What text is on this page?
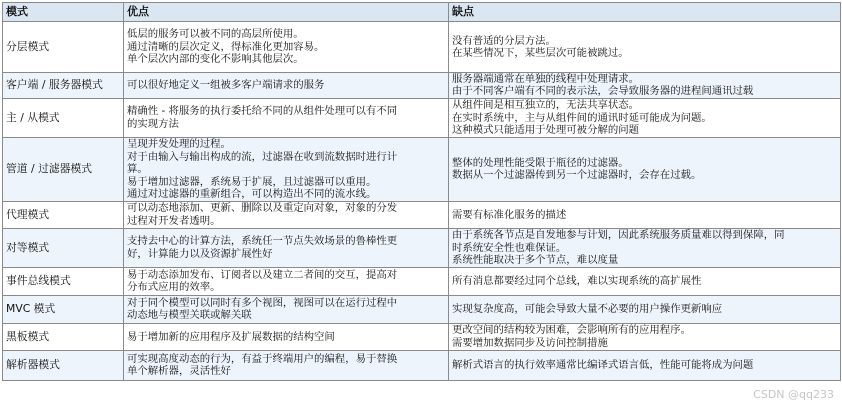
模式	优点	缺点
分层模式	低层的服务可以被不同的高层所使用。
通过清晰的层次定义，得标准化更加容易。
单个层次内部的变化不影响其他层次。	没有普适的分层方法。
在某些情况下，某些层次可能被跳过。

客户端 / 服务器模式	可以很好地定义一组被多客户端请求的服务	服务器端通常在单独的线程中处理请求。
由于不同客户端有不同的表示法，会导致服务器的进程间通讯过载

主 / 从模式	精确性 - 将服务的执行委托给不同的从组件处理可以有不同
的实现方法	从组件间是相互独立的，无法共享状态。
在实时系统中，主与从组件间的通讯时延可能成为问题。
这种模式只能适用于处理可被分解的问题

管道 / 过滤器模式	呈现并发处理的过程。
对于由输入与输出构成的流，过滤器在收到流数据时进行计
算。
易于增加过滤器，系统易于扩展，且过滤器可以重用。
通过对过滤器的重新组合，可以构造出不同的流水线。	整体的处理性能受限于瓶径的过滤器。
数据从一个过滤器传到另一个过滤器时，会存在过载。

代理模式	可以动态地添加、更新、删除以及重定向对象，对象的分发
过程对开发者透明。	需要有标准化服务的描述

对等模式	支持去中心的计算方法，系统任一节点失效场景的鲁棒性更
好，计算能力以及资源扩展性好	由于系统各节点是自发地参与计划，因此系统服务质量难以得到保障，同
时系统安全性也难保证。
系统性能取决于多个节点，难以度量

事件总线模式	易于动态添加发布、订阅者以及建立二者间的交互，提高对
分布式应用的效率。	所有消息都要经过同个总线，难以实现系统的高扩展性

MVC 模式	对于同个模型可以同时有多个视图，视图可以在运行过程中
动态地与模型关联或解关联	实现复杂度高，可能会导致大量不必要的用户操作更新响应

黑板模式	易于增加新的应用程序及扩展数据的结构空间	更改空间的结构较为困难，会影响所有的应用程序。
需要增加数据同步及访问控制措施

解析器模式	可实现高度动态的行为，有益于终端用户的编程，易于替换
单个解析器，灵活性好	解析式语言的执行效率通常比编译式语言低，性能可能将成为问题
CSDN @qq233
